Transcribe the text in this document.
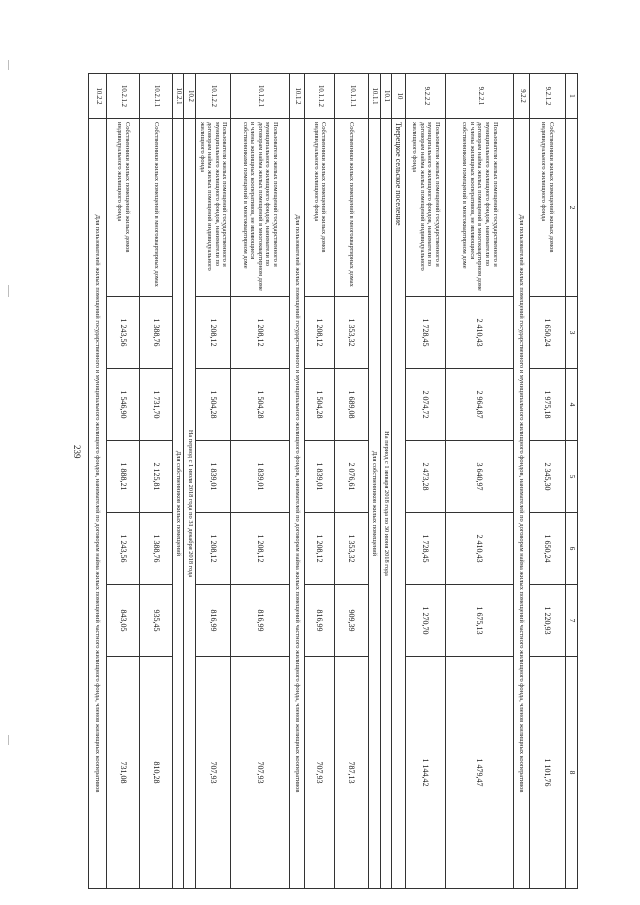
239
1	2	3	4	5	6	7	8
9.2.1.2	Собственники жилых помещений жилых домов индивидуального жилищного фонда	1 650,24	1 975,18	2 345,30	1 650,24	1 220,93	1 101,76
9.2.2	Для пользователей жилых помещений государственного и муниципального жилищного фондов, нанимателей по договорам найма жилых помещений частного жилищного фонда, членов жилищных кооперативов						
9.2.2.1	Пользователи жилых помещений государственного и муниципального жилищного фондов, наниматели по договорам найма жилых помещений в многоквартирном доме и члены жилищных кооперативов, не являющиеся собственниками помещений в многоквартирном доме	2 410,43	2 964,87	3 640,97	2 410,43	1 675,13	1 479,47
9.2.2.2	Пользователи жилых помещений государственного и муниципального жилищного фондов, наниматели по договорам найма жилых помещений индивидуального жилищного фонда	1 728,45	2 074,72	2 473,28	1 728,45	1 270,70	1 144,42
10	Тверецкое сельское поселение						
10.1	На период с 1 января 2018 года по 30 июня 2018 года						
10.1.1	Для собственников жилых помещений						
10.1.1.1	Собственники жилых помещений в многоквартирных домах	1 353,32	1 689,08	2 076,61	1 353,32	909,39	787,13
10.1.1.2	Собственники жилых помещений жилых домов индивидуального жилищного фонда	1 208,12	1 504,28	1 839,01	1 208,12	816,99	707,93
10.1.2	Для пользователей жилых помещений государственного и муниципального жилищного фондов, нанимателей по договорам найма жилых помещений частного жилищного фонда, членов жилищных кооперативов						
10.1.2.1	Пользователи жилых помещений государственного и муниципального жилищного фондов, наниматели по договорам найма жилых помещений в многоквартирном доме и члены жилищных кооперативов, не являющиеся собственниками помещений в многоквартирном доме	1 208,12	1 504,28	1 839,01	1 208,12	816,99	707,93
10.1.2.2	Пользователи жилых помещений государственного и муниципального жилищного фондов, наниматели по договорам найма жилых помещений индивидуального жилищного фонда	1 208,12	1 504,28	1 839,01	1 208,12	816,99	707,93
10.2	На период с 1 июля 2018 года по 31 декабря 2018 года						
10.2.1	Для собственников жилых помещений						
10.2.1.1	Собственники жилых помещений в многоквартирных домах	1 388,76	1 731,70	2 125,81	1 388,76	935,45	810,28
10.2.1.2	Собственники жилых помещений жилых домов индивидуального жилищного фонда	1 243,56	1 546,90	1 888,21	1 243,56	843,05	731,08
10.2.2	Для пользователей жилых помещений государственного и муниципального жилищного фондов, нанимателей по договорам найма жилых помещений частного жилищного фонда, членов жилищных кооперативов						
